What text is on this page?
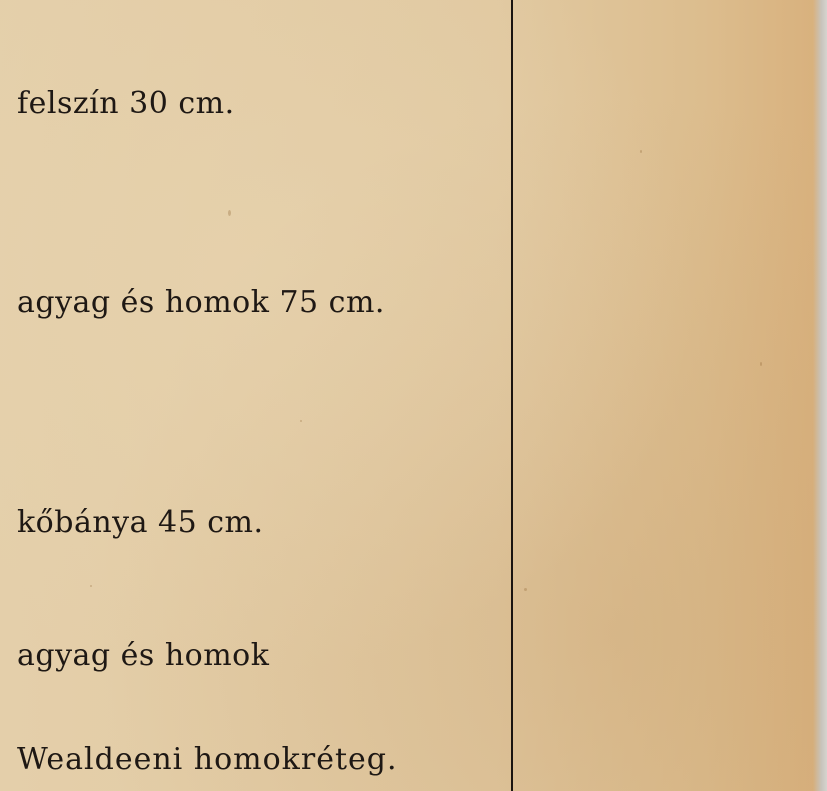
felszín 30 cm.

agyag és homok 75 cm.

kőbánya 45 cm.

agyag és homok

Wealdeeni homokréteg.
